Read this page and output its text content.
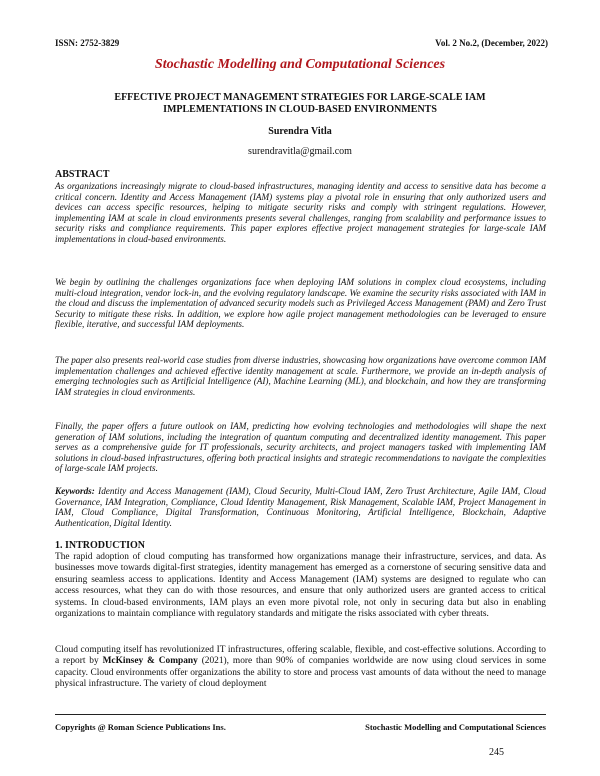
ISSN: 2752-3829	Vol. 2 No.2, (December, 2022)
Stochastic Modelling and Computational Sciences
EFFECTIVE PROJECT MANAGEMENT STRATEGIES FOR LARGE-SCALE IAM
IMPLEMENTATIONS IN CLOUD-BASED ENVIRONMENTS
Surendra Vitla
surendravitla@gmail.com
ABSTRACT
As organizations increasingly migrate to cloud-based infrastructures, managing identity and access to sensitive data has become a critical concern. Identity and Access Management (IAM) systems play a pivotal role in ensuring that only authorized users and devices can access specific resources, helping to mitigate security risks and comply with stringent regulations. However, implementing IAM at scale in cloud environments presents several challenges, ranging from scalability and performance issues to security risks and compliance requirements. This paper explores effective project management strategies for large-scale IAM implementations in cloud-based environments.
We begin by outlining the challenges organizations face when deploying IAM solutions in complex cloud ecosystems, including multi-cloud integration, vendor lock-in, and the evolving regulatory landscape. We examine the security risks associated with IAM in the cloud and discuss the implementation of advanced security models such as Privileged Access Management (PAM) and Zero Trust Security to mitigate these risks. In addition, we explore how agile project management methodologies can be leveraged to ensure flexible, iterative, and successful IAM deployments.
The paper also presents real-world case studies from diverse industries, showcasing how organizations have overcome common IAM implementation challenges and achieved effective identity management at scale. Furthermore, we provide an in-depth analysis of emerging technologies such as Artificial Intelligence (AI), Machine Learning (ML), and blockchain, and how they are transforming IAM strategies in cloud environments.
Finally, the paper offers a future outlook on IAM, predicting how evolving technologies and methodologies will shape the next generation of IAM solutions, including the integration of quantum computing and decentralized identity management. This paper serves as a comprehensive guide for IT professionals, security architects, and project managers tasked with implementing IAM solutions in cloud-based infrastructures, offering both practical insights and strategic recommendations to navigate the complexities of large-scale IAM projects.
Keywords: Identity and Access Management (IAM), Cloud Security, Multi-Cloud IAM, Zero Trust Architecture, Agile IAM, Cloud Governance, IAM Integration, Compliance, Cloud Identity Management, Risk Management, Scalable IAM, Project Management in IAM, Cloud Compliance, Digital Transformation, Continuous Monitoring, Artificial Intelligence, Blockchain, Adaptive Authentication, Digital Identity.
1. INTRODUCTION
The rapid adoption of cloud computing has transformed how organizations manage their infrastructure, services, and data. As businesses move towards digital-first strategies, identity management has emerged as a cornerstone of securing sensitive data and ensuring seamless access to applications. Identity and Access Management (IAM) systems are designed to regulate who can access resources, what they can do with those resources, and ensure that only authorized users are granted access to critical systems. In cloud-based environments, IAM plays an even more pivotal role, not only in securing data but also in enabling organizations to maintain compliance with regulatory standards and mitigate the risks associated with cyber threats.
Cloud computing itself has revolutionized IT infrastructures, offering scalable, flexible, and cost-effective solutions. According to a report by McKinsey & Company (2021), more than 90% of companies worldwide are now using cloud services in some capacity. Cloud environments offer organizations the ability to store and process vast amounts of data without the need to manage physical infrastructure. The variety of cloud deployment
Copyrights @ Roman Science Publications Ins.	Stochastic Modelling and Computational Sciences
245
